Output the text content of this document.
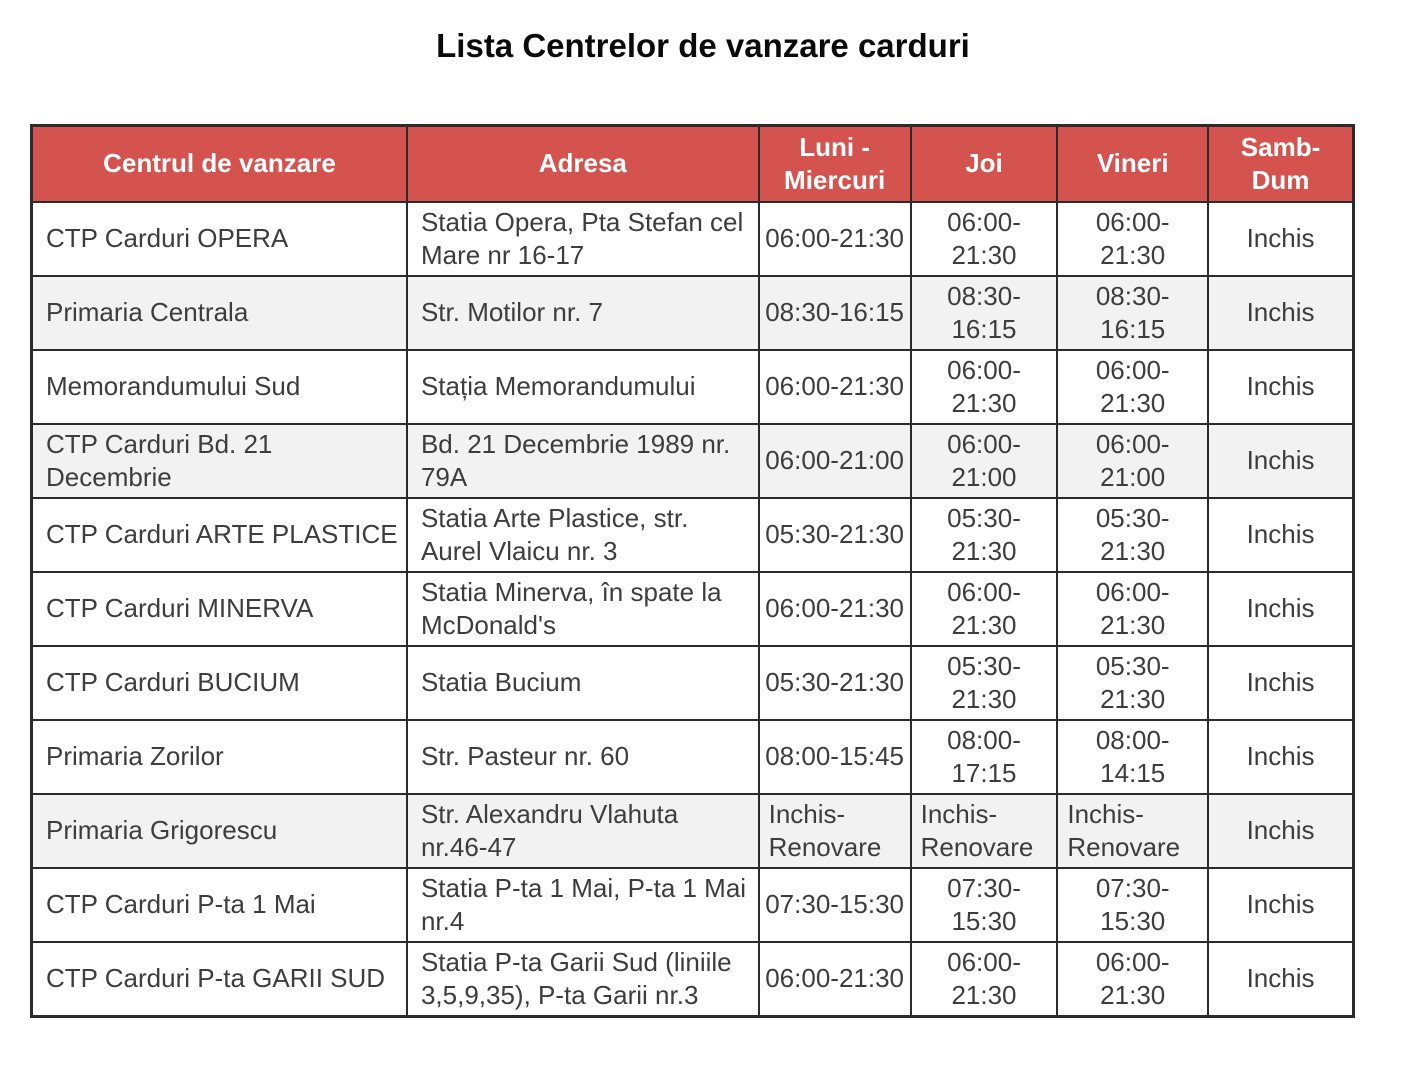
Lista Centrelor de vanzare carduri
Centrul de vanzare	Adresa	Luni - Miercuri	Joi	Vineri	Samb-Dum
CTP Carduri OPERA	Statia Opera, Pta Stefan cel Mare nr 16-17	06:00-21:30	06:00-21:30	06:00-21:30	Inchis
Primaria Centrala	Str. Motilor nr. 7	08:30-16:15	08:30-16:15	08:30-16:15	Inchis
Memorandumului Sud	Stația Memorandumului	06:00-21:30	06:00-21:30	06:00-21:30	Inchis
CTP Carduri Bd. 21 Decembrie	Bd. 21 Decembrie 1989 nr. 79A	06:00-21:00	06:00-21:00	06:00-21:00	Inchis
CTP Carduri ARTE PLASTICE	Statia Arte Plastice, str. Aurel Vlaicu nr. 3	05:30-21:30	05:30-21:30	05:30-21:30	Inchis
CTP Carduri MINERVA	Statia Minerva, în spate la McDonald's	06:00-21:30	06:00-21:30	06:00-21:30	Inchis
CTP Carduri BUCIUM	Statia Bucium	05:30-21:30	05:30-21:30	05:30-21:30	Inchis
Primaria Zorilor	Str. Pasteur nr. 60	08:00-15:45	08:00-17:15	08:00-14:15	Inchis
Primaria Grigorescu	Str. Alexandru Vlahuta nr.46-47	Inchis-Renovare	Inchis-Renovare	Inchis-Renovare	Inchis
CTP Carduri P-ta 1 Mai	Statia P-ta 1 Mai, P-ta 1 Mai nr.4	07:30-15:30	07:30-15:30	07:30-15:30	Inchis
CTP Carduri P-ta GARII SUD	Statia P-ta Garii Sud (liniile 3,5,9,35), P-ta Garii nr.3	06:00-21:30	06:00-21:30	06:00-21:30	Inchis
